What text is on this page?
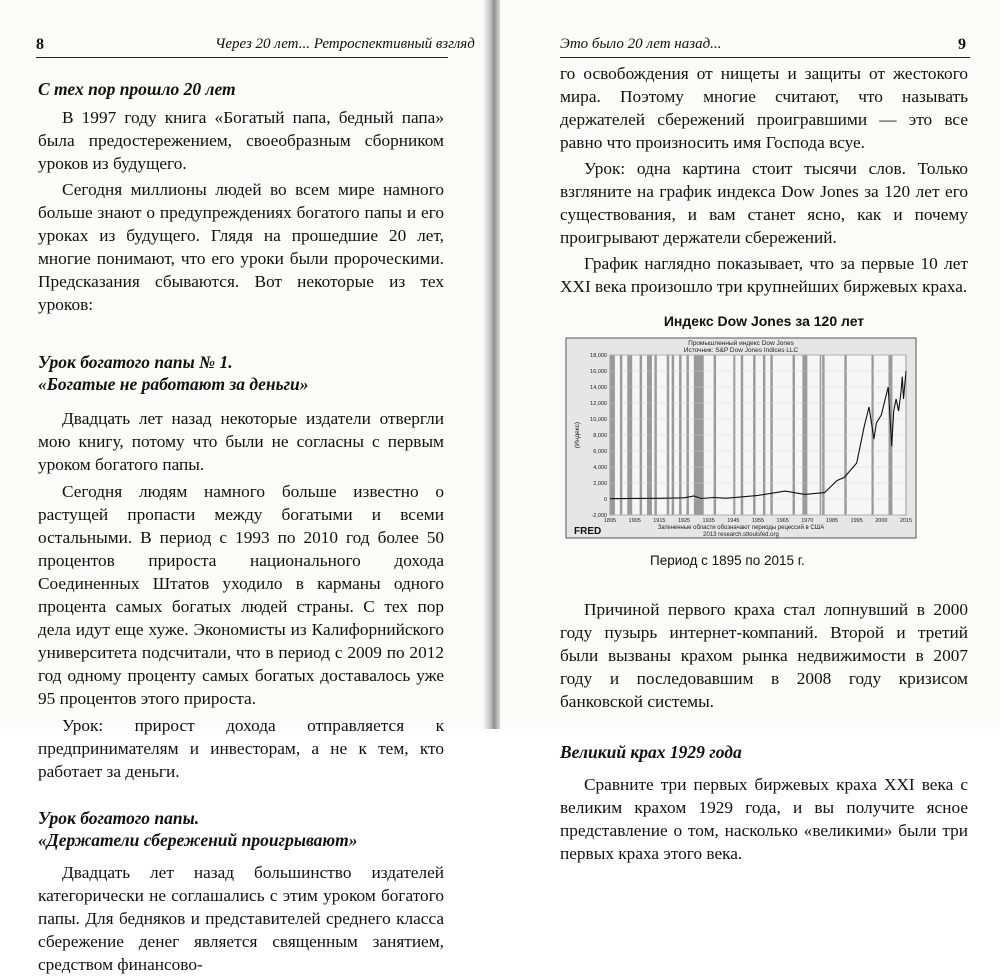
8	Через 20 лет... Ретроспективный взгляд
С тех пор прошло 20 лет

В 1997 году книга «Богатый папа, бедный папа» была предостережением, своеобразным сборником уроков из будущего.

Сегодня миллионы людей во всем мире намного больше знают о предупреждениях богатого папы и его уроках из будущего. Глядя на прошедшие 20 лет, многие понимают, что его уроки были пророческими. Предсказания сбываются. Вот некоторые из тех уроков:

Урок богатого папы № 1.
«Богатые не работают за деньги»

Двадцать лет назад некоторые издатели отвергли мою книгу, потому что были не согласны с первым уроком богатого папы.

Сегодня людям намного больше известно о растущей пропасти между богатыми и всеми остальными. В период с 1993 по 2010 год более 50 процентов прироста национального дохода Соединенных Штатов уходило в карманы одного процента самых богатых людей страны. С тех пор дела идут еще хуже. Экономисты из Калифорнийского университета подсчитали, что в период с 2009 по 2012 год одному проценту самых богатых доставалось уже 95 процентов этого прироста.

Урок: прирост дохода отправляется к предпринимателям и инвесторам, а не к тем, кто работает за деньги.

Урок богатого папы.
«Держатели сбережений проигрывают»

Двадцать лет назад большинство издателей категорически не соглашались с этим уроком богатого папы. Для бедняков и представителей среднего класса сбережение денег является священным занятием, средством финансово-

Это было 20 лет назад...	9

го освобождения от нищеты и защиты от жестокого мира. Поэтому многие считают, что называть держателей сбережений проигравшими — это все равно что произносить имя Господа всуе.

Урок: одна картина стоит тысячи слов. Только взгляните на график индекса Dow Jones за 120 лет его существования, и вам станет ясно, как и почему проигрывают держатели сбережений.

График наглядно показывает, что за первые 10 лет XXI века произошло три крупнейших биржевых краха.

Индекс Dow Jones за 120 лет
-2,000
0
2,000
4,000
6,000
8,000
10,000
12,000
14,000
16,000
18,000
1895 1905 1915 1925 1935 1945 1955 1965 1970 1985 1995 2000 2015
Промышленный индекс Dow Jones
Источник: S&P Dow Jones Indices LLC
(Индекс)
FRED	Затененные области обозначают периоды рецессий в США
2013 research.stlouisfed.org
Период с 1895 по 2015 г.

Причиной первого краха стал лопнувший в 2000 году пузырь интернет-компаний. Второй и третий были вызваны крахом рынка недвижимости в 2007 году и последовавшим в 2008 году кризисом банковской системы.

Великий крах 1929 года

Сравните три первых биржевых краха XXI века с великим крахом 1929 года, и вы получите ясное представление о том, насколько «великими» были три первых краха этого века.
